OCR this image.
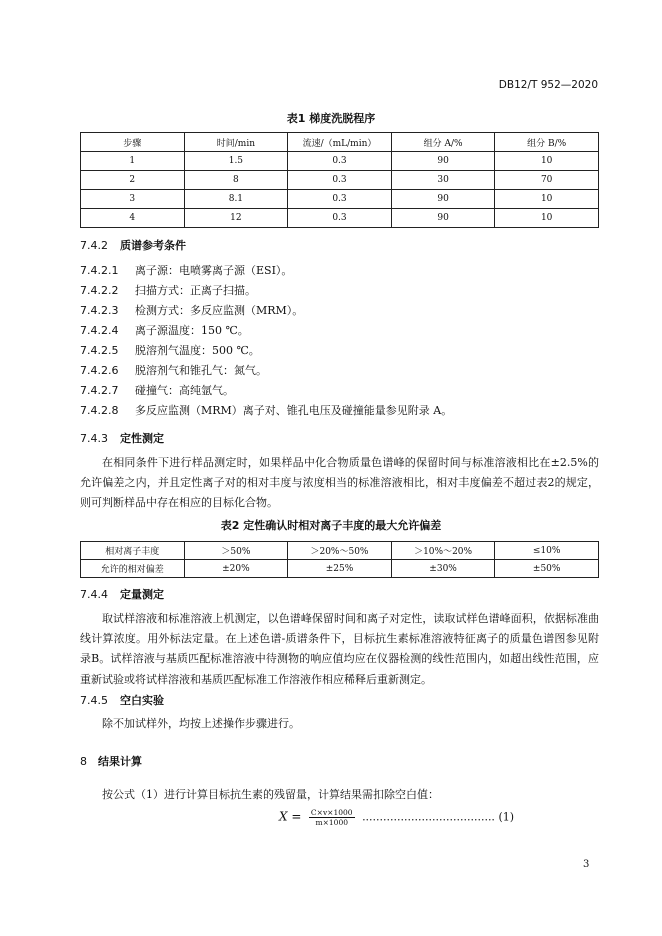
DB12/T 952—2020
表1 梯度洗脱程序
步骤	时间/min	流速/（mL/min）	组分 A/%	组分 B/%
1	1.5	0.3	90	10
2	8	0.3	30	70
3	8.1	0.3	90	10
4	12	0.3	90	10
7.4.2 质谱参考条件
7.4.2.1 离子源：电喷雾离子源（ESI）。
7.4.2.2 扫描方式：正离子扫描。
7.4.2.3 检测方式：多反应监测（MRM）。
7.4.2.4 离子源温度：150 ℃。
7.4.2.5 脱溶剂气温度：500 ℃。
7.4.2.6 脱溶剂气和锥孔气：氮气。
7.4.2.7 碰撞气：高纯氩气。
7.4.2.8 多反应监测（MRM）离子对、锥孔电压及碰撞能量参见附录 A。
7.4.3 定性测定
在相同条件下进行样品测定时，如果样品中化合物质量色谱峰的保留时间与标准溶液相比在±2.5%的允许偏差之内，并且定性离子对的相对丰度与浓度相当的标准溶液相比，相对丰度偏差不超过表2的规定，则可判断样品中存在相应的目标化合物。
表2 定性确认时相对离子丰度的最大允许偏差
相对离子丰度	＞50%	＞20%～50%	＞10%～20%	≤10%
允许的相对偏差	±20%	±25%	±30%	±50%
7.4.4 定量测定
取试样溶液和标准溶液上机测定，以色谱峰保留时间和离子对定性，读取试样色谱峰面积，依据标准曲线计算浓度。用外标法定量。在上述色谱-质谱条件下，目标抗生素标准溶液特征离子的质量色谱图参见附录B。试样溶液与基质匹配标准溶液中待测物的响应值均应在仪器检测的线性范围内，如超出线性范围，应重新试验或将试样溶液和基质匹配标准工作溶液作相应稀释后重新测定。
7.4.5 空白实验
除不加试样外，均按上述操作步骤进行。
8 结果计算
按公式（1）进行计算目标抗生素的残留量，计算结果需扣除空白值：
$X = \frac{C\times v\times 1000}{m\times 1000}$ ...................................... (1)
3
